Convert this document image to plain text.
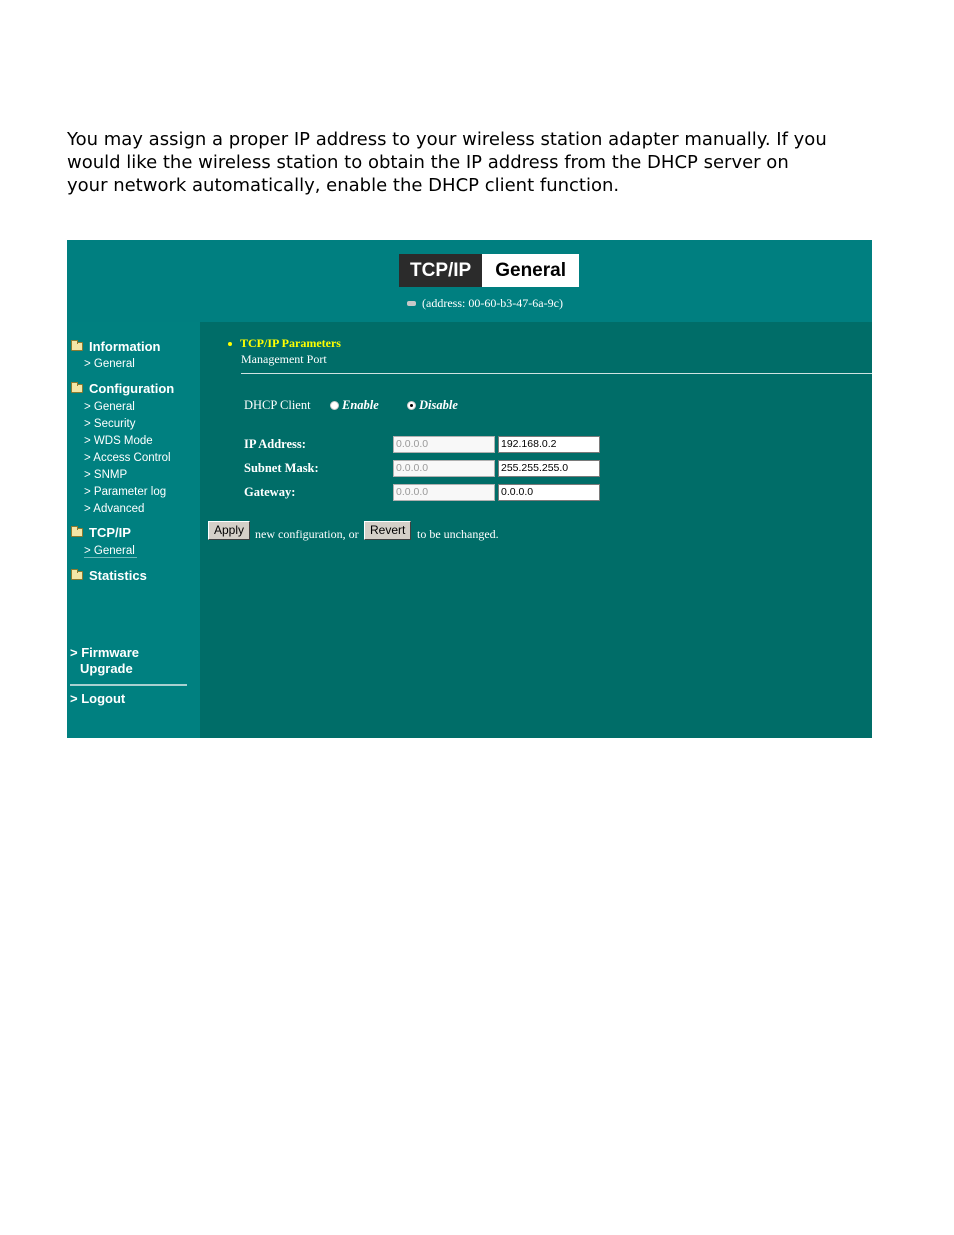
You may assign a proper IP address to your wireless station adapter manually. If you would like the wireless station to obtain the IP address from the DHCP server on your network automatically, enable the DHCP client function.

TCP/IP	General
(address: 00-60-b3-47-6a-9c)
Information
> General
Configuration
> General
> Security
> WDS Mode
> Access Control
> SNMP
> Parameter log
> Advanced
TCP/IP
> General
Statistics
> Firmware
Upgrade
> Logout
TCP/IP Parameters
Management Port
DHCP Client	Enable	Disable
IP Address:	0.0.0.0	192.168.0.2
Subnet Mask:	0.0.0.0	255.255.255.0
Gateway:	0.0.0.0	0.0.0.0
Apply new configuration, or Revert to be unchanged.
